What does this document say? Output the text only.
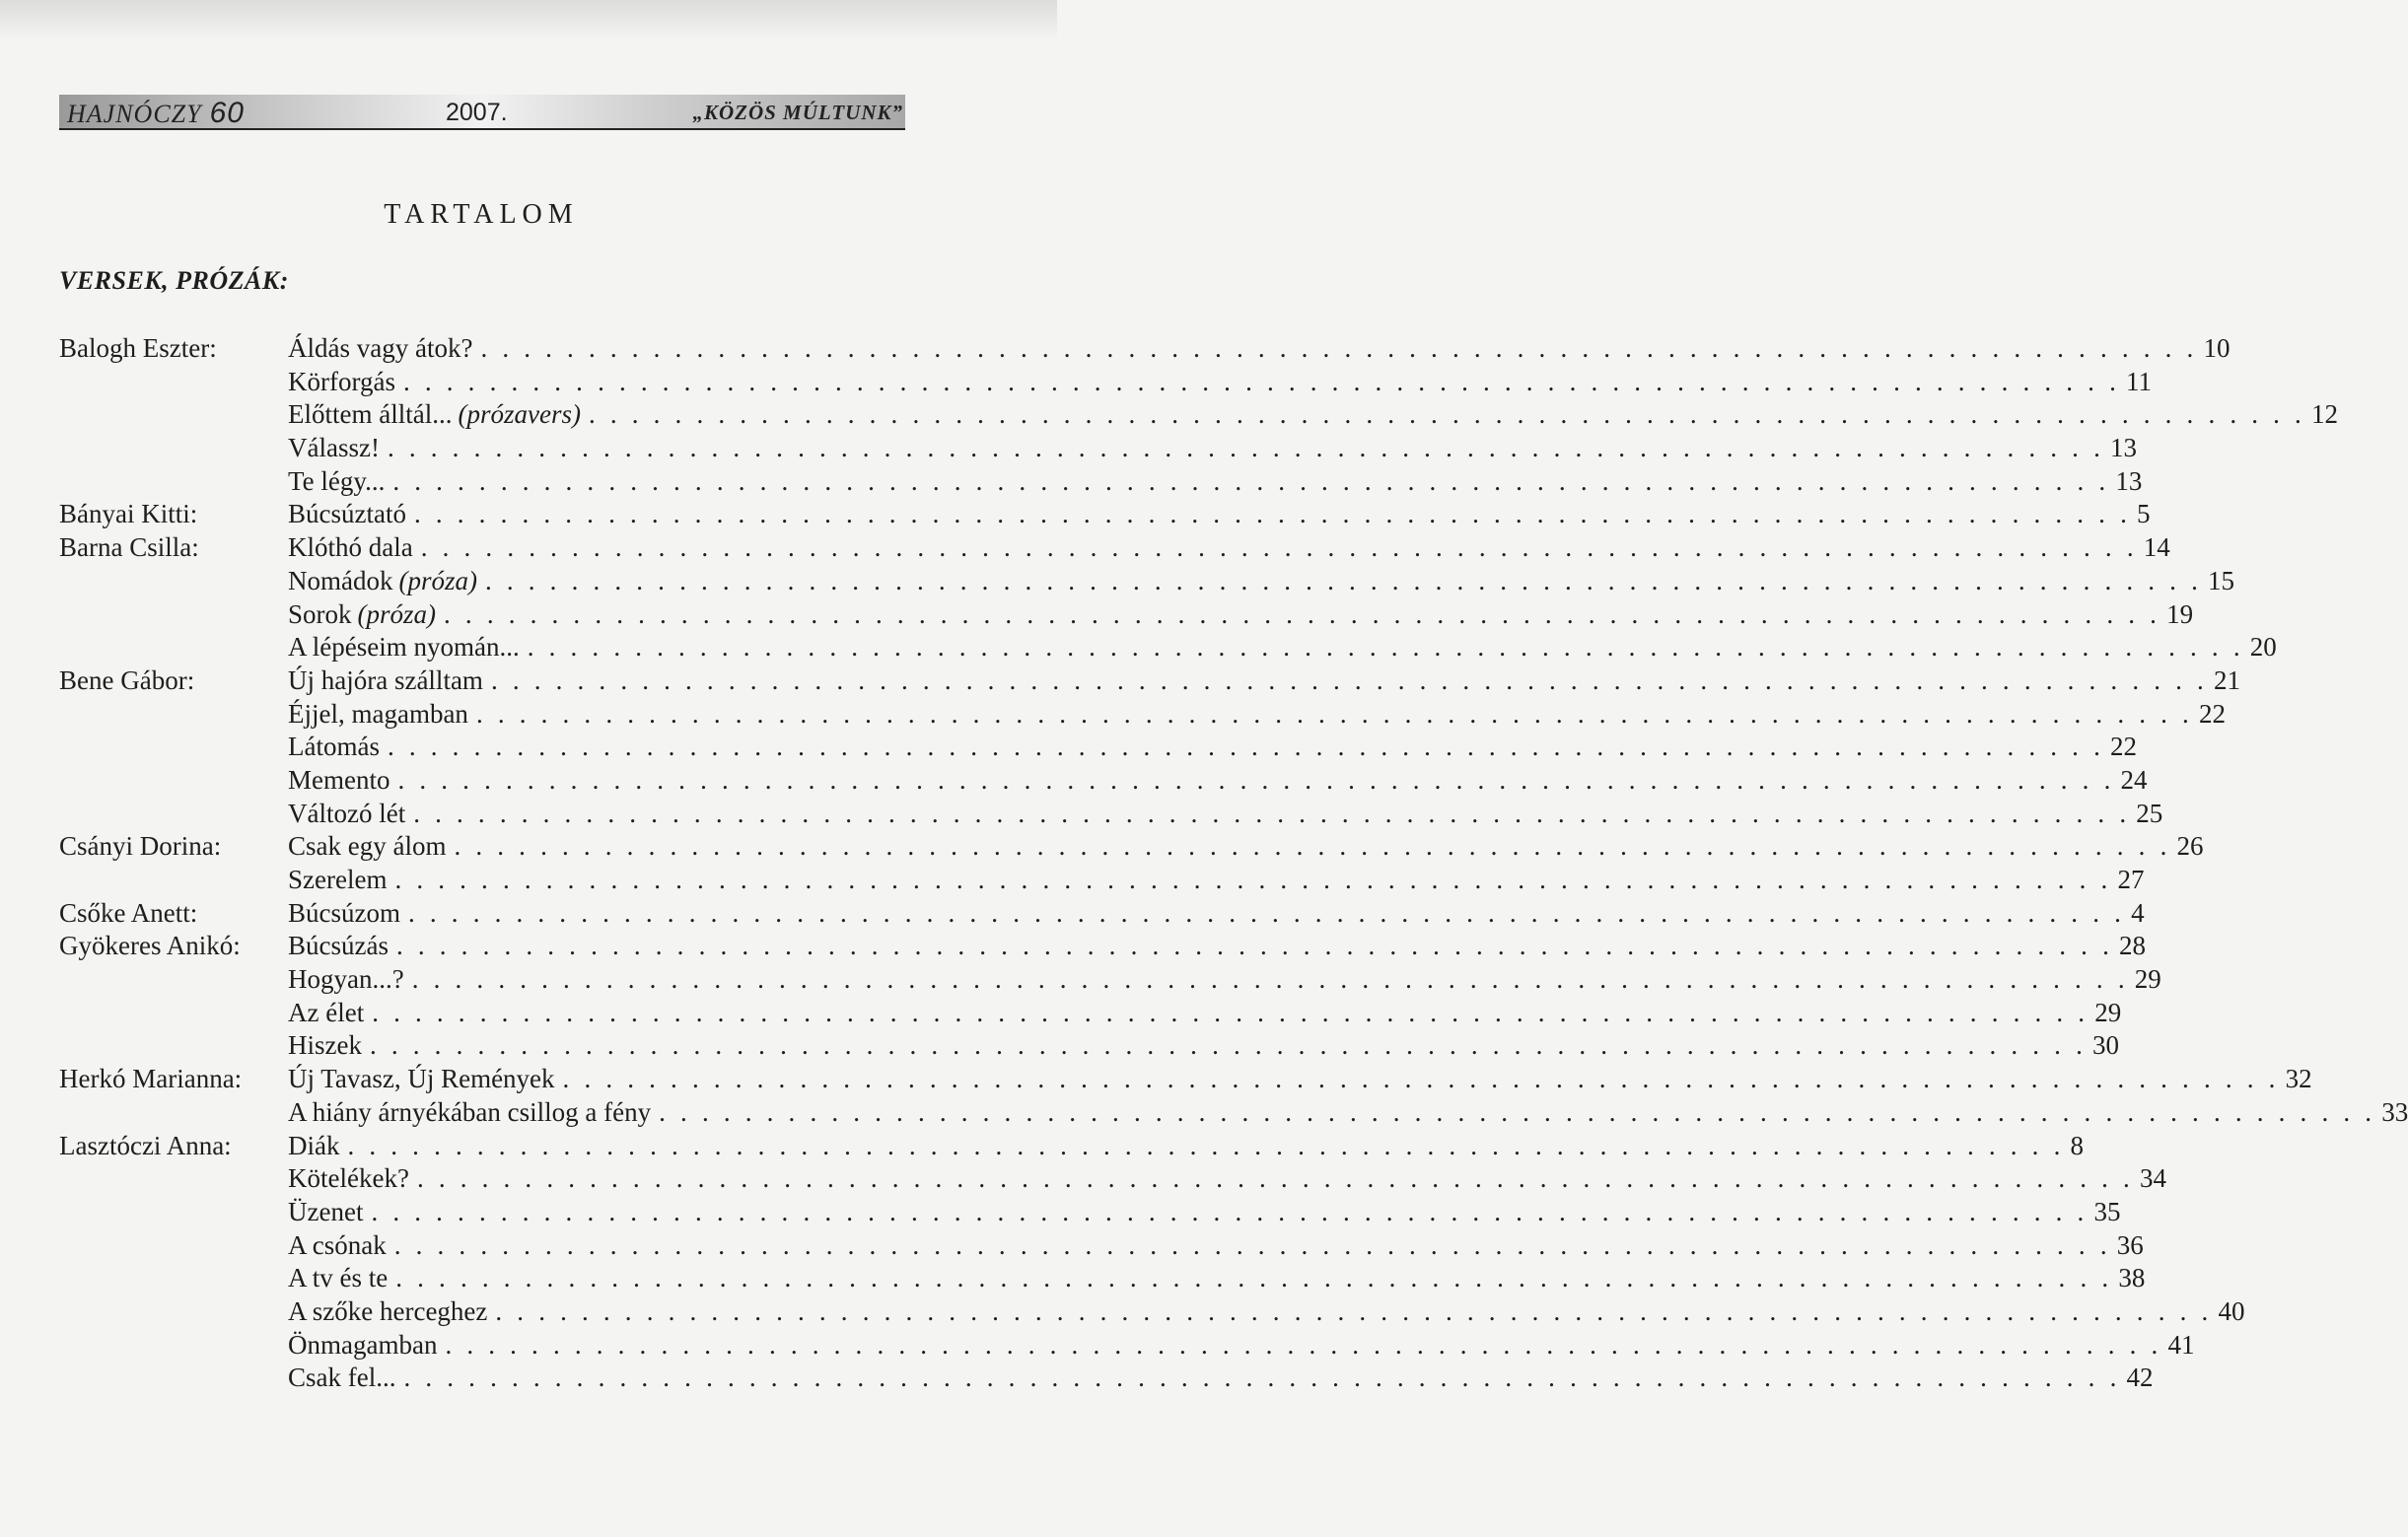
HAJNÓCZY 60	2007.	„KÖZÖS MÚLTUNK”
TARTALOM
VERSEK, PRÓZÁK:
Balogh Eszter:	Áldás vagy átok? . . . . . . . . . . . . . . . . . . . . . . . . . . . . . . . . . . . . . . . . . . . . . . . . . . . . . . . . . . . . . . . . . . . . . . . . . . . . . . . . 10
Körforgás . . . . . . . . . . . . . . . . . . . . . . . . . . . . . . . . . . . . . . . . . . . . . . . . . . . . . . . . . . . . . . . . . . . . . . . . . . . . . . . . 11
Előttem álltál... (prózavers) . . . . . . . . . . . . . . . . . . . . . . . . . . . . . . . . . . . . . . . . . . . . . . . . . . . . . . . . . . . . . . . . . . . . . . . . . . . . . . . . 12
Válassz! . . . . . . . . . . . . . . . . . . . . . . . . . . . . . . . . . . . . . . . . . . . . . . . . . . . . . . . . . . . . . . . . . . . . . . . . . . . . . . . . 13
Te légy... . . . . . . . . . . . . . . . . . . . . . . . . . . . . . . . . . . . . . . . . . . . . . . . . . . . . . . . . . . . . . . . . . . . . . . . . . . . . . . . . 13
Bányai Kitti:	Búcsúztató . . . . . . . . . . . . . . . . . . . . . . . . . . . . . . . . . . . . . . . . . . . . . . . . . . . . . . . . . . . . . . . . . . . . . . . . . . . . . . . . 5
Barna Csilla:	Klóthó dala . . . . . . . . . . . . . . . . . . . . . . . . . . . . . . . . . . . . . . . . . . . . . . . . . . . . . . . . . . . . . . . . . . . . . . . . . . . . . . . . 14
Nomádok (próza) . . . . . . . . . . . . . . . . . . . . . . . . . . . . . . . . . . . . . . . . . . . . . . . . . . . . . . . . . . . . . . . . . . . . . . . . . . . . . . . . 15
Sorok (próza) . . . . . . . . . . . . . . . . . . . . . . . . . . . . . . . . . . . . . . . . . . . . . . . . . . . . . . . . . . . . . . . . . . . . . . . . . . . . . . . . 19
A lépéseim nyomán... . . . . . . . . . . . . . . . . . . . . . . . . . . . . . . . . . . . . . . . . . . . . . . . . . . . . . . . . . . . . . . . . . . . . . . . . . . . . . . . . 20
Bene Gábor:	Új hajóra szálltam . . . . . . . . . . . . . . . . . . . . . . . . . . . . . . . . . . . . . . . . . . . . . . . . . . . . . . . . . . . . . . . . . . . . . . . . . . . . . . . . 21
Éjjel, magamban . . . . . . . . . . . . . . . . . . . . . . . . . . . . . . . . . . . . . . . . . . . . . . . . . . . . . . . . . . . . . . . . . . . . . . . . . . . . . . . . 22
Látomás . . . . . . . . . . . . . . . . . . . . . . . . . . . . . . . . . . . . . . . . . . . . . . . . . . . . . . . . . . . . . . . . . . . . . . . . . . . . . . . . 22
Memento . . . . . . . . . . . . . . . . . . . . . . . . . . . . . . . . . . . . . . . . . . . . . . . . . . . . . . . . . . . . . . . . . . . . . . . . . . . . . . . . 24
Változó lét . . . . . . . . . . . . . . . . . . . . . . . . . . . . . . . . . . . . . . . . . . . . . . . . . . . . . . . . . . . . . . . . . . . . . . . . . . . . . . . . 25
Csányi Dorina:	Csak egy álom . . . . . . . . . . . . . . . . . . . . . . . . . . . . . . . . . . . . . . . . . . . . . . . . . . . . . . . . . . . . . . . . . . . . . . . . . . . . . . . . 26
Szerelem . . . . . . . . . . . . . . . . . . . . . . . . . . . . . . . . . . . . . . . . . . . . . . . . . . . . . . . . . . . . . . . . . . . . . . . . . . . . . . . . 27
Csőke Anett:	Búcsúzom . . . . . . . . . . . . . . . . . . . . . . . . . . . . . . . . . . . . . . . . . . . . . . . . . . . . . . . . . . . . . . . . . . . . . . . . . . . . . . . . 4
Gyökeres Anikó: Búcsúzás . . . . . . . . . . . . . . . . . . . . . . . . . . . . . . . . . . . . . . . . . . . . . . . . . . . . . . . . . . . . . . . . . . . . . . . . . . . . . . . . 28
Hogyan...? . . . . . . . . . . . . . . . . . . . . . . . . . . . . . . . . . . . . . . . . . . . . . . . . . . . . . . . . . . . . . . . . . . . . . . . . . . . . . . . . 29
Az élet . . . . . . . . . . . . . . . . . . . . . . . . . . . . . . . . . . . . . . . . . . . . . . . . . . . . . . . . . . . . . . . . . . . . . . . . . . . . . . . . 29
Hiszek . . . . . . . . . . . . . . . . . . . . . . . . . . . . . . . . . . . . . . . . . . . . . . . . . . . . . . . . . . . . . . . . . . . . . . . . . . . . . . . . 30
Herkó Marianna: Új Tavasz, Új Remények . . . . . . . . . . . . . . . . . . . . . . . . . . . . . . . . . . . . . . . . . . . . . . . . . . . . . . . . . . . . . . . . . . . . . . . . . . . . . . . . 32
A hiány árnyékában csillog a fény . . . . . . . . . . . . . . . . . . . . . . . . . . . . . . . . . . . . . . . . . . . . . . . . . . . . . . . . . . . . . . . . . . . . . . . . . . . . . . . . 33
Lasztóczi Anna: Diák . . . . . . . . . . . . . . . . . . . . . . . . . . . . . . . . . . . . . . . . . . . . . . . . . . . . . . . . . . . . . . . . . . . . . . . . . . . . . . . . 8
Kötelékek? . . . . . . . . . . . . . . . . . . . . . . . . . . . . . . . . . . . . . . . . . . . . . . . . . . . . . . . . . . . . . . . . . . . . . . . . . . . . . . . . 34
Üzenet . . . . . . . . . . . . . . . . . . . . . . . . . . . . . . . . . . . . . . . . . . . . . . . . . . . . . . . . . . . . . . . . . . . . . . . . . . . . . . . . 35
A csónak . . . . . . . . . . . . . . . . . . . . . . . . . . . . . . . . . . . . . . . . . . . . . . . . . . . . . . . . . . . . . . . . . . . . . . . . . . . . . . . . 36
A tv és te . . . . . . . . . . . . . . . . . . . . . . . . . . . . . . . . . . . . . . . . . . . . . . . . . . . . . . . . . . . . . . . . . . . . . . . . . . . . . . . . 38
A szőke herceghez . . . . . . . . . . . . . . . . . . . . . . . . . . . . . . . . . . . . . . . . . . . . . . . . . . . . . . . . . . . . . . . . . . . . . . . . . . . . . . . . 40
Önmagamban . . . . . . . . . . . . . . . . . . . . . . . . . . . . . . . . . . . . . . . . . . . . . . . . . . . . . . . . . . . . . . . . . . . . . . . . . . . . . . . . 41
Csak fel... . . . . . . . . . . . . . . . . . . . . . . . . . . . . . . . . . . . . . . . . . . . . . . . . . . . . . . . . . . . . . . . . . . . . . . . . . . . . . . . . 42
